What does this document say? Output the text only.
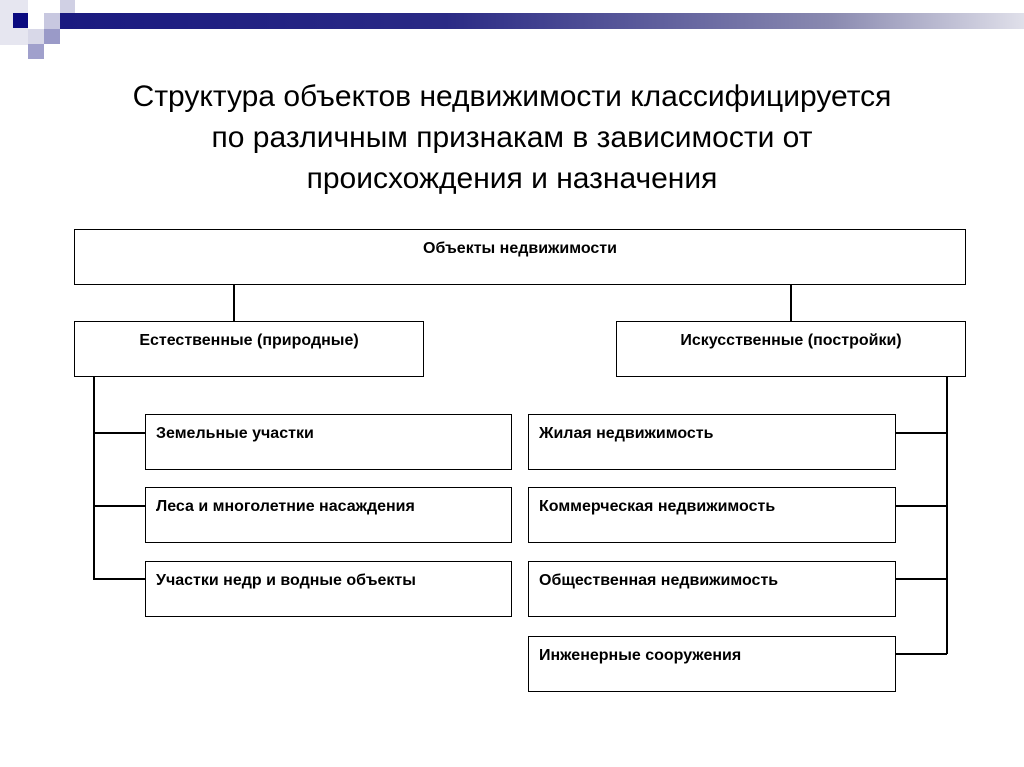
Структура объектов недвижимости классифицируется
по различным признакам в зависимости от
происхождения и назначения
Объекты недвижимости
Естественные (природные)	Искусственные (постройки)
Земельные участки
Леса и многолетние насаждения
Участки недр и водные объекты
Жилая недвижимость
Коммерческая недвижимость
Общественная недвижимость
Инженерные сооружения
